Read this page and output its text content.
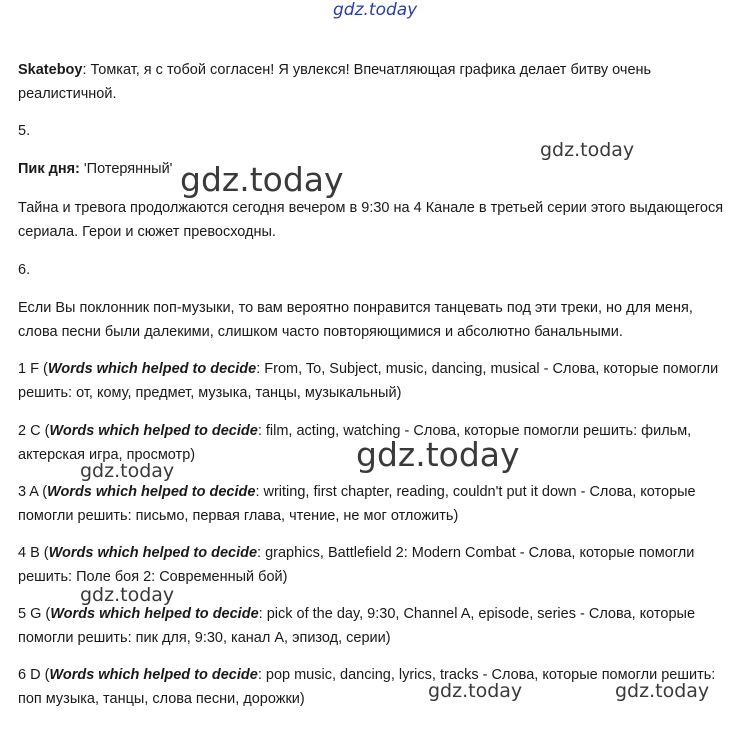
gdz.today

Skateboy: Томкат, я с тобой согласен! Я увлекся! Впечатляющая графика делает битву очень реалистичной.

5.

Пик дня: 'Потерянный'

Тайна и тревога продолжаются сегодня вечером в 9:30 на 4 Канале в третьей серии этого выдающегося сериала. Герои и сюжет превосходны.

6.

Если Вы поклонник поп-музыки, то вам вероятно понравится танцевать под эти треки, но для меня, слова песни были далекими, слишком часто повторяющимися и абсолютно банальными.

1 F (Words which helped to decide: From, To, Subject, music, dancing, musical - Слова, которые помогли решить: от, кому, предмет, музыка, танцы, музыкальный)

2 C (Words which helped to decide: film, acting, watching - Слова, которые помогли решить: фильм, актерская игра, просмотр)

3 A (Words which helped to decide: writing, first chapter, reading, couldn't put it down - Слова, которые помогли решить: письмо, первая глава, чтение, не мог отложить)

4 B (Words which helped to decide: graphics, Battlefield 2: Modern Combat - Слова, которые помогли решить: Поле боя 2: Современный бой)

5 G (Words which helped to decide: pick of the day, 9:30, Channel A, episode, series - Слова, которые помогли решить: пик для, 9:30, канал А, эпизод, серии)

6 D (Words which helped to decide: pop music, dancing, lyrics, tracks - Слова, которые помогли решить: поп музыка, танцы, слова песни, дорожки)

gdz.today
gdz.today
gdz.today
gdz.today
gdz.today
gdz.today	gdz.today
